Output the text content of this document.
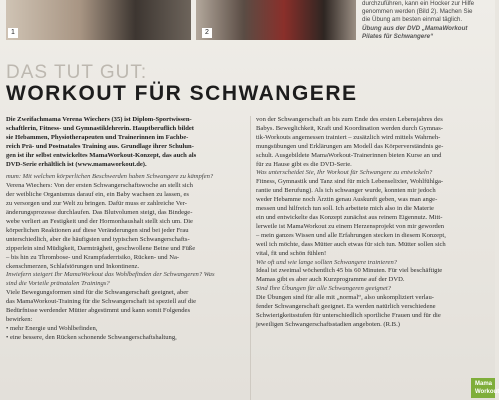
1	2
durchzuführen, kann ein Hocker zur Hilfe
genommen werden (Bild 2). Machen Sie
die Übung am besten einmal täglich.
Übung aus der DVD „MamaWorkout
Pilates für Schwangere“
DAS TUT GUT:
WORKOUT FÜR SCHWANGERE
Die Zweifachmama Verena Wiechers (35) ist Diplom-Sportwissen-
schaftlerin, Fitness- und Gymnastiklehrerin. Hauptberuflich bildet
sie Hebammen, Physiotherapeuten und Trainerinnen im Fachbe-
reich Prä- und Postnatales Training aus. Grundlage ihrer Schulun-
gen ist ihr selbst entwickeltes MamaWorkout-Konzept, das auch als
DVD-Serie erhältlich ist (www.mamaworkout.de).
mum: Mit welchen körperlichen Beschwerden haben Schwangere zu kämpfen?
Verena Wiechers: Von der ersten Schwangerschaftswoche an stellt sich
der weibliche Organismus darauf ein, ein Baby wachsen zu lassen, es
zu versorgen und zur Welt zu bringen. Dafür muss er zahlreiche Ver-
änderungsprozesse durchlaufen. Das Blutvolumen steigt, das Bindege-
webe verliert an Festigkeit und der Hormonhaushalt stellt sich um. Die
körperlichen Reaktionen auf diese Veränderungen sind bei jeder Frau
unterschiedlich, aber die häufigsten und typischen Schwangerschafts-
zipperlein sind Müdigkeit, Darmträgheit, geschwollene Beine und Füße
– bis hin zu Thrombose- und Krampfaderrisiko, Rücken- und Na-
ckenschmerzen, Schlafstörungen und Inkontinenz.
Inwiefern steigert Ihr MamaWorkout das Wohlbefinden der Schwangeren? Was
sind die Vorteile pränatalen Trainings?
Viele Bewegungsformen sind für die Schwangerschaft geeignet, aber
das MamaWorkout-Training für die Schwangerschaft ist speziell auf die
Bedürfnisse werdender Mütter abgestimmt und kann somit Folgendes
bewirken:
• mehr Energie und Wohlbefinden,
• eine bessere, den Rücken schonende Schwangerschaftshaltung,
von der Schwangerschaft an bis zum Ende des ersten Lebensjahres des
Babys. Beweglichkeit, Kraft und Koordination werden durch Gymnas-
tik-Workouts angemessen trainiert – zusätzlich wird mittels Wahrneh-
mungsübungen und Erklärungen am Modell das Körperverständnis ge-
schult. Ausgebildete MamaWorkout-Trainerinnen bieten Kurse an und
für zu Hause gibt es die DVD-Serie.
Was unterscheidet Sie, Ihr Workout für Schwangere zu entwickeln?
Fitness, Gymnastik und Tanz sind für mich Lebenselixier, Wohlfühlga-
rantie und Berufung). Als ich schwanger wurde, konnten mir jedoch
weder Hebamme noch Ärztin genau Auskunft geben, was man ange-
messen und hilfreich tun soll. Ich arbeitete mich also in die Materie
ein und entwickelte das Konzept zunächst aus reinem Eigennutz. Mitt-
lerweile ist MamaWorkout zu einem Herzensprojekt von mir geworden
– mein ganzes Wissen und alle Erfahrungen stecken in diesem Konzept,
weil ich möchte, dass Mütter auch etwas für sich tun. Mütter sollen sich
vital, fit und schön fühlen!
Wie oft und wie lange sollten Schwangere trainieren?
Ideal ist zweimal wöchentlich 45 bis 60 Minuten. Für viel beschäftigte
Mamas gibt es aber auch Kurzprogramme auf der DVD.
Sind Ihre Übungen für alle Schwangeren geeignet?
Die Übungen sind für alle mit „normal“, also unkompliziert verlau-
fender Schwangerschaft geeignet. Es werden natürlich verschiedene
Schwierigkeitsstufen für unterschiedlich sportliche Frauen und für die
jeweiligen Schwangerschaftsstadien angeboten. (R.B.)
Mama
Workout
